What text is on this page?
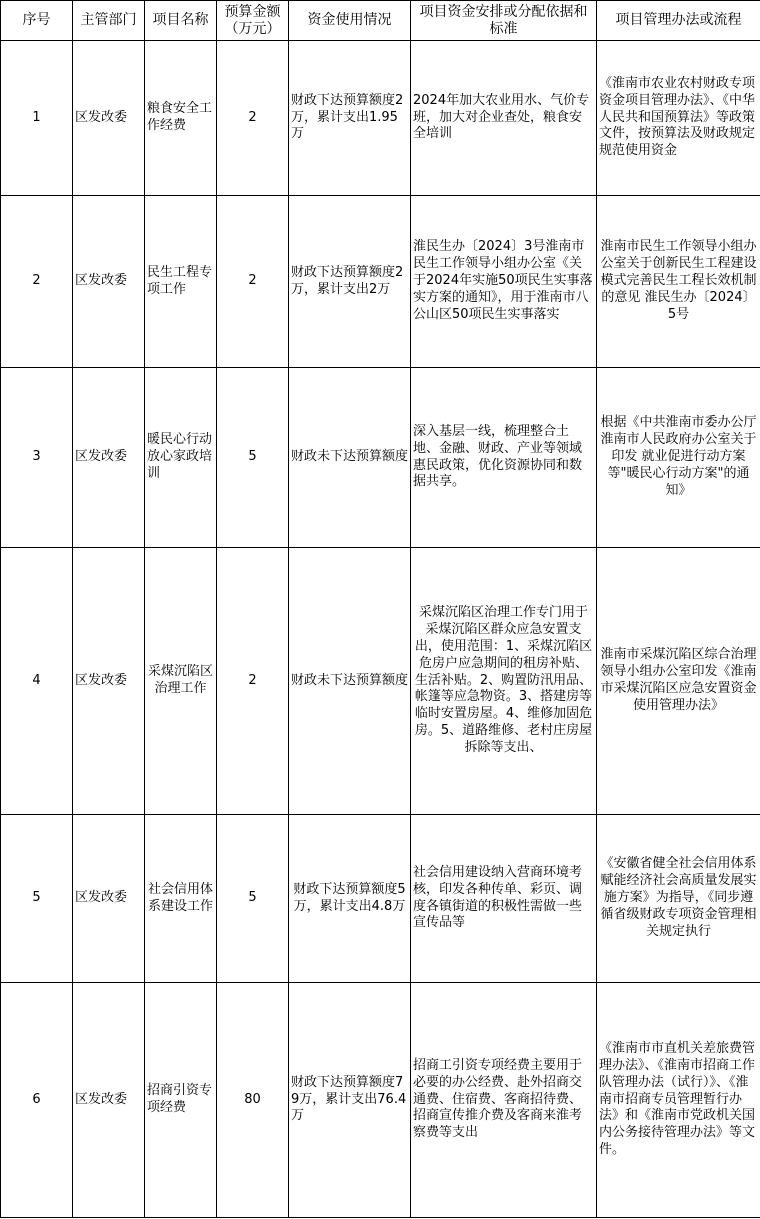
序号	主管部门	项目名称	预算金额（万元）	资金使用情况	项目资金安排或分配依据和标准	项目管理办法或流程
1	区发改委	粮食安全工作经费	2	财政下达预算额度2万，累计支出1.95万	2024年加大农业用水、气价专班，加大对企业查处，粮食安全培训	《淮南市农业农村财政专项资金项目管理办法》、《中华人民共和国预算法》等政策文件，按预算法及财政规定规范使用资金
2	区发改委	民生工程专项工作	2	财政下达预算额度2万，累计支出2万	淮民生办〔2024〕3号淮南市民生工作领导小组办公室《关于2024年实施50项民生实事落实方案的通知》，用于淮南市八公山区50项民生实事落实	淮南市民生工作领导小组办公室关于创新民生工程建设模式完善民生工程长效机制的意见 淮民生办〔2024〕5号
3	区发改委	暖民心行动放心家政培训	5	财政未下达预算额度	深入基层一线，梳理整合土地、金融、财政、产业等领域惠民政策，优化资源协同和数据共享。	根据《中共淮南市委办公厅 淮南市人民政府办公室关于印发 就业促进行动方案 等"暖民心行动方案"的通知》
4	区发改委	采煤沉陷区治理工作	2	财政未下达预算额度	采煤沉陷区治理工作专门用于采煤沉陷区群众应急安置支出，使用范围：1、采煤沉陷区危房户应急期间的租房补贴、生活补贴。2、购置防汛用品、帐篷等应急物资。3、搭建房等临时安置房屋。4、维修加固危房。5、道路维修、老村庄房屋拆除等支出、	淮南市采煤沉陷区综合治理领导小组办公室印发《淮南市采煤沉陷区应急安置资金使用管理办法》
5	区发改委	社会信用体系建设工作	5	财政下达预算额度5万，累计支出4.8万	社会信用建设纳入营商环境考核，印发各种传单、彩页、调度各镇街道的积极性需做一些宣传品等	《安徽省健全社会信用体系赋能经济社会高质量发展实施方案》为指导，《同步遵循省级财政专项资金管理相关规定执行
6	区发改委	招商引资专项经费	80	财政下达预算额度79万，累计支出76.4万	招商工引资专项经费主要用于必要的办公经费、赴外招商交通费、住宿费、客商招待费、招商宣传推介费及客商来淮考察费等支出	《淮南市市直机关差旅费管理办法》、《淮南市招商工作队管理办法（试行）》、《淮南市招商专员管理暂行办法》和《淮南市党政机关国内公务接待管理办法》等文件。
